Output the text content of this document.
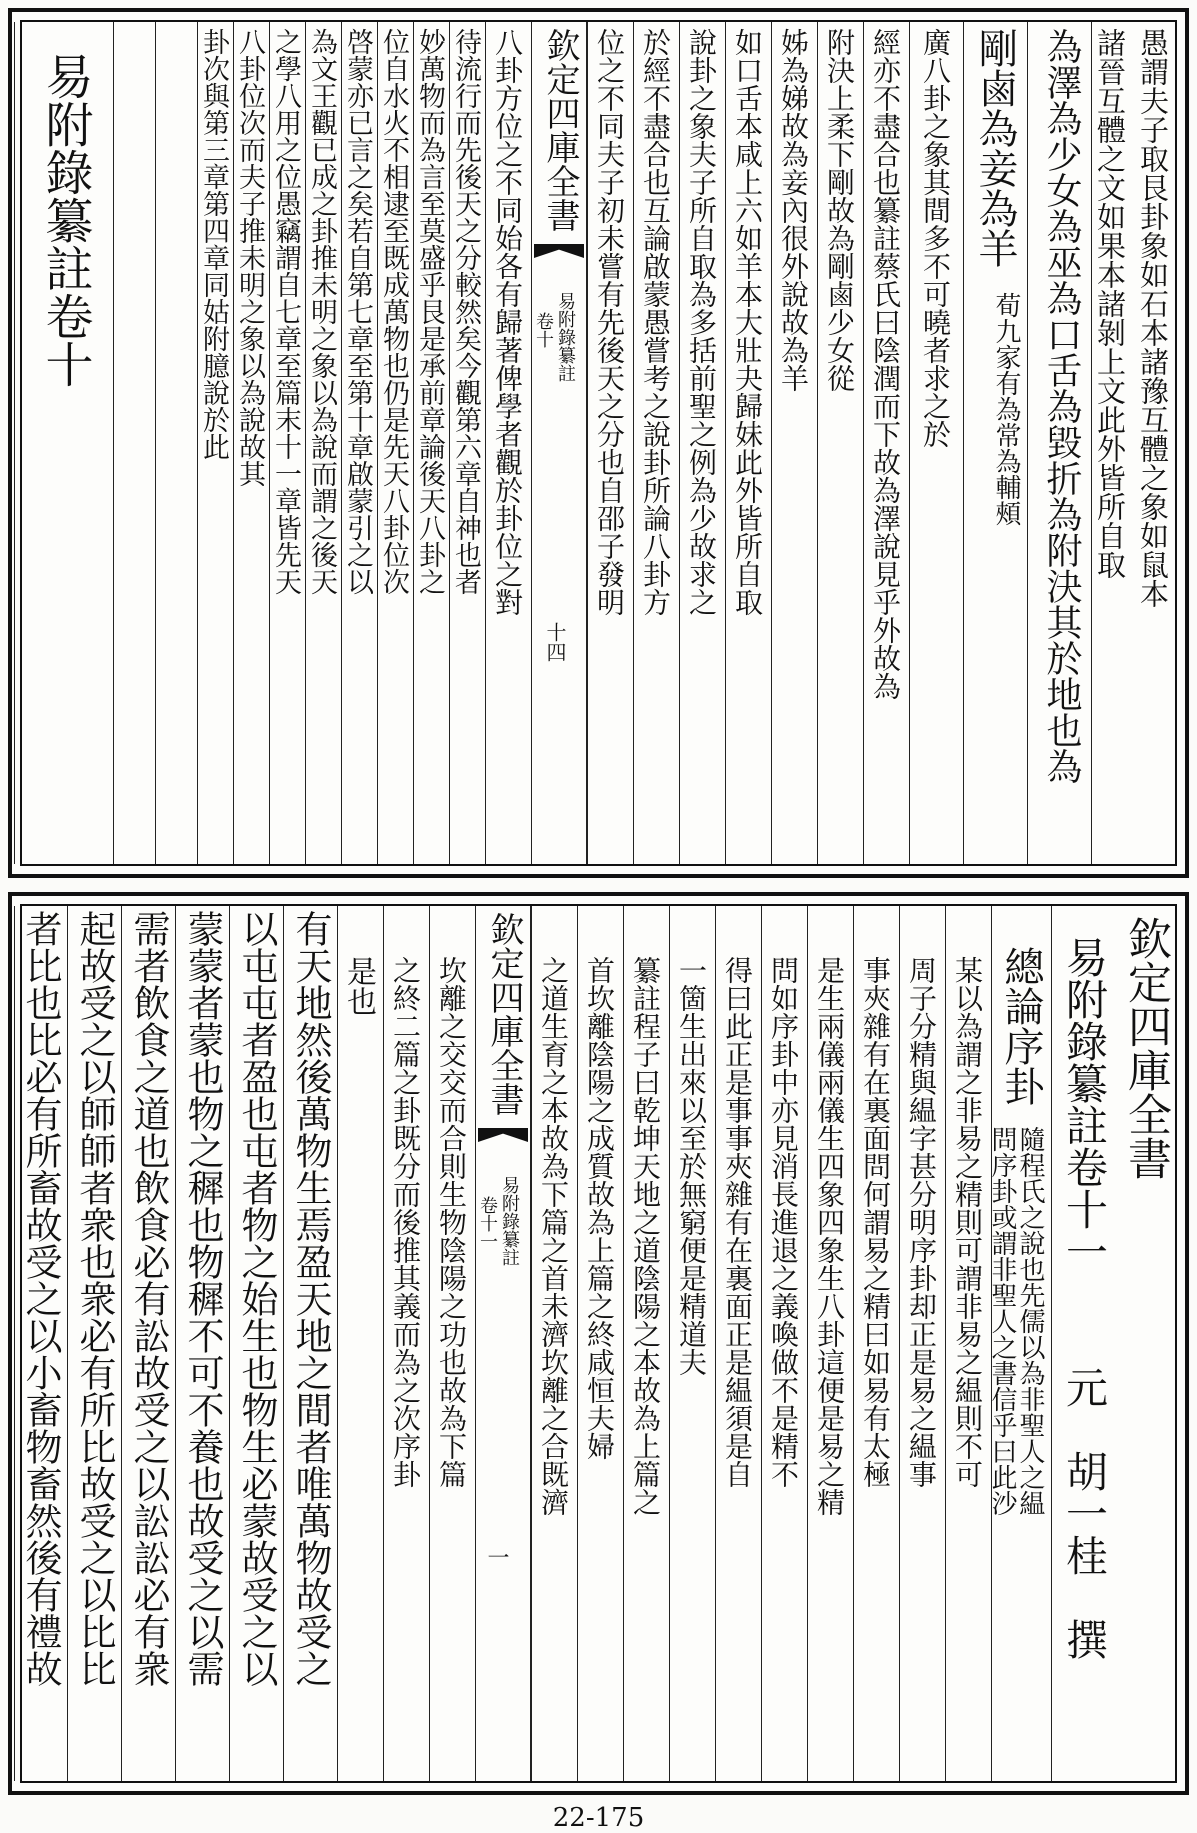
愚謂夫子取艮卦象如石本諸豫互體之象如鼠本
諸晉互體之文如果本諸剝上文此外皆所自取
為澤為少女為巫為口舌為毀折為附決其於地也為
剛鹵為妾為羊
荀九家有為常為輔頰
廣八卦之象其間多不可曉者求之於
經亦不盡合也纂註蔡氏曰陰潤而下故為澤說見乎外故為
附決上柔下剛故為剛鹵少女從
姊為娣故為妾內很外說故為羊
如口舌本咸上六如羊本大壯夬歸妹此外皆所自取
說卦之象夫子所自取為多括前聖之例為少故求之
於經不盡合也互論啟蒙愚嘗考之說卦所論八卦方
位之不同夫子初未嘗有先後天之分也自邵子發明
欽定四庫全書
卷十 易附錄纂註
十四
八卦方位之不同始各有歸著俾學者觀於卦位之對
待流行而先後天之分較然矣今觀第六章自神也者
妙萬物而為言至莫盛乎艮是承前章論後天八卦之
位自水火不相逮至既成萬物也仍是先天八卦位次
啓蒙亦已言之矣若自第七章至第十章啟蒙引之以
為文王觀已成之卦推未明之象以為說而謂之後天
之學八用之位愚竊謂自七章至篇末十一章皆先天
八卦位次而夫子推未明之象以為說故其
卦次與第三章第四章同姑附臆說於此
易附錄纂註卷十
欽定四庫全書
易附錄纂註卷十一
元　胡一桂　撰
總論序卦
問序卦或謂非聖人之書信乎曰此沙
隨程氏之說也先儒以為非聖人之緼
某以為謂之非易之精則可謂非易之緼則不可
周子分精與緼字甚分明序卦却正是易之緼事
事夾雜有在裏面問何謂易之精曰如易有太極
是生兩儀兩儀生四象四象生八卦這便是易之精
問如序卦中亦見消長進退之義喚做不是精不
得曰此正是事事夾雜有在裏面正是緼須是自
一箇生出來以至於無窮便是精道夫
纂註程子曰乾坤天地之道陰陽之本故為上篇之
首坎離陰陽之成質故為上篇之終咸恒夫婦
之道生育之本故為下篇之首未濟坎離之合既濟
欽定四庫全書
卷十一 易附錄纂註
一
坎離之交交而合則生物陰陽之功也故為下篇
之終二篇之卦既分而後推其義而為之次序卦
是也
有天地然後萬物生焉盈天地之間者唯萬物故受之
以屯屯者盈也屯者物之始生也物生必蒙故受之以
蒙蒙者蒙也物之穉也物穉不可不養也故受之以需
需者飲食之道也飲食必有訟故受之以訟訟必有衆
起故受之以師師者衆也衆必有所比故受之以比比
者比也比必有所畜故受之以小畜物畜然後有禮故
22-175
